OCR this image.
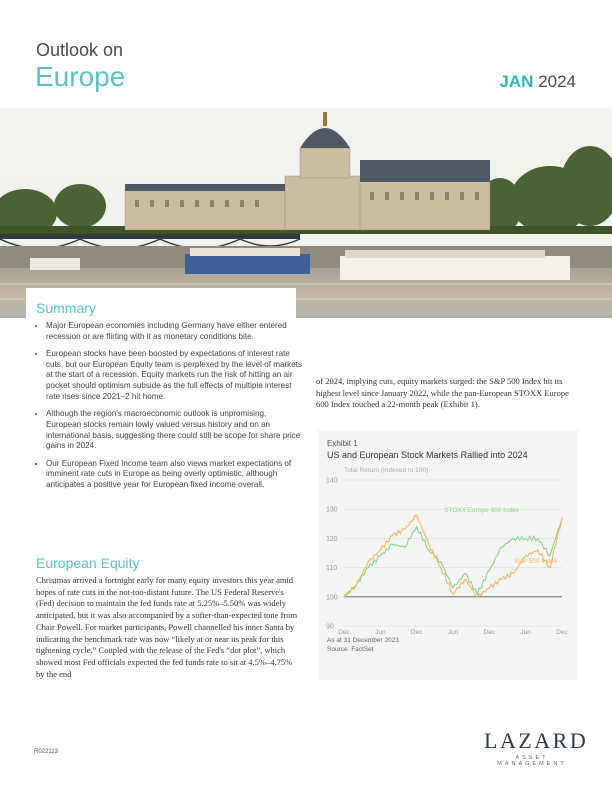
Outlook on
Europe	JAN 2024
Summary
• Major European economies including Germany have either entered recession or are flirting with it as monetary conditions bite.
• European stocks have been boosted by expectations of interest rate cuts, but our European Equity team is perplexed by the level of markets at the start of a recession. Equity markets run the risk of hitting an air pocket should optimism subside as the full effects of multiple interest rate rises since 2021–2 hit home.
• Although the region's macroeconomic outlook is unpromising, European stocks remain lowly valued versus history and on an international basis, suggesting there could still be scope for share price gains in 2024.
• Our European Fixed Income team also views market expectations of imminent rate cuts in Europe as being overly optimistic, although anticipates a positive year for European fixed income overall.
European Equity
Christmas arrived a fortnight early for many equity investors this year amid hopes of rate cuts in the not-too-distant future. The US Federal Reserve's (Fed) decision to maintain the fed funds rate at 5.25%–5.50% was widely anticipated, but it was also accompanied by a softer-than-expected tone from Chair Powell. For market participants, Powell channelled his inner Santa by indicating the benchmark rate was now “likely at or near its peak for this tightening cycle.” Coupled with the release of the Fed's “dot plot”, which showed most Fed officials expected the fed funds rate to sit at 4.5%–4.75% by the end
of 2024, implying cuts, equity markets surged: the S&P 500 Index hit its highest level since January 2022, while the pan-European STOXX Europe 600 Index touched a 22-month peak (Exhibit 1).
Exhibit 1
US and European Stock Markets Rallied into 2024
Total Return (Indexed to 100)
90
100
110
120
130
140
Dec	Jun	Dec	Jun	Dec	Jun	Dec
STOXX Europe 600 Index
S&P 500 Index
As at 31 December 2023
Source: FactSet
R022113	LAZARD
ASSET MANAGEMENT
